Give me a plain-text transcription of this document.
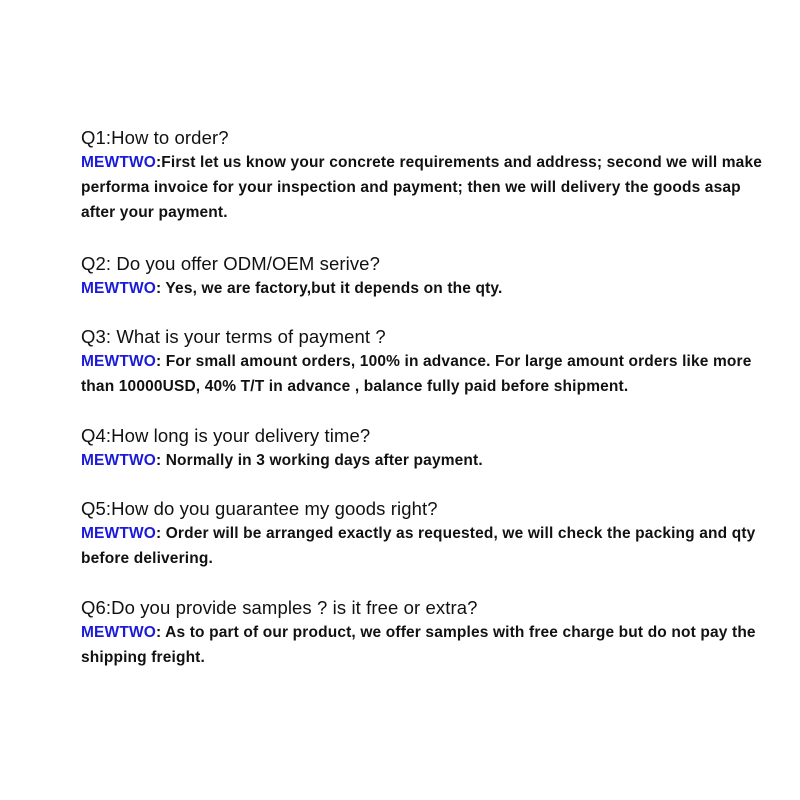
Q1:How to order?

MEWTWO:First let us know your concrete requirements and address; second we will make performa invoice for your inspection and payment; then we will delivery the goods asap after your payment.

Q2: Do you offer ODM/OEM serive?

MEWTWO: Yes, we are factory,but it depends on the qty.

Q3: What is your terms of payment ?

MEWTWO: For small amount orders, 100% in advance. For large amount orders like more than 10000USD, 40% T/T in advance , balance fully paid before shipment.

Q4:How long is your delivery time?

MEWTWO: Normally in 3 working days after payment.

Q5:How do you guarantee my goods right?

MEWTWO: Order will be arranged exactly as requested, we will check the packing and qty before delivering.

Q6:Do you provide samples ? is it free or extra?

MEWTWO: As to part of our product, we offer samples with free charge but do not pay the shipping freight.
